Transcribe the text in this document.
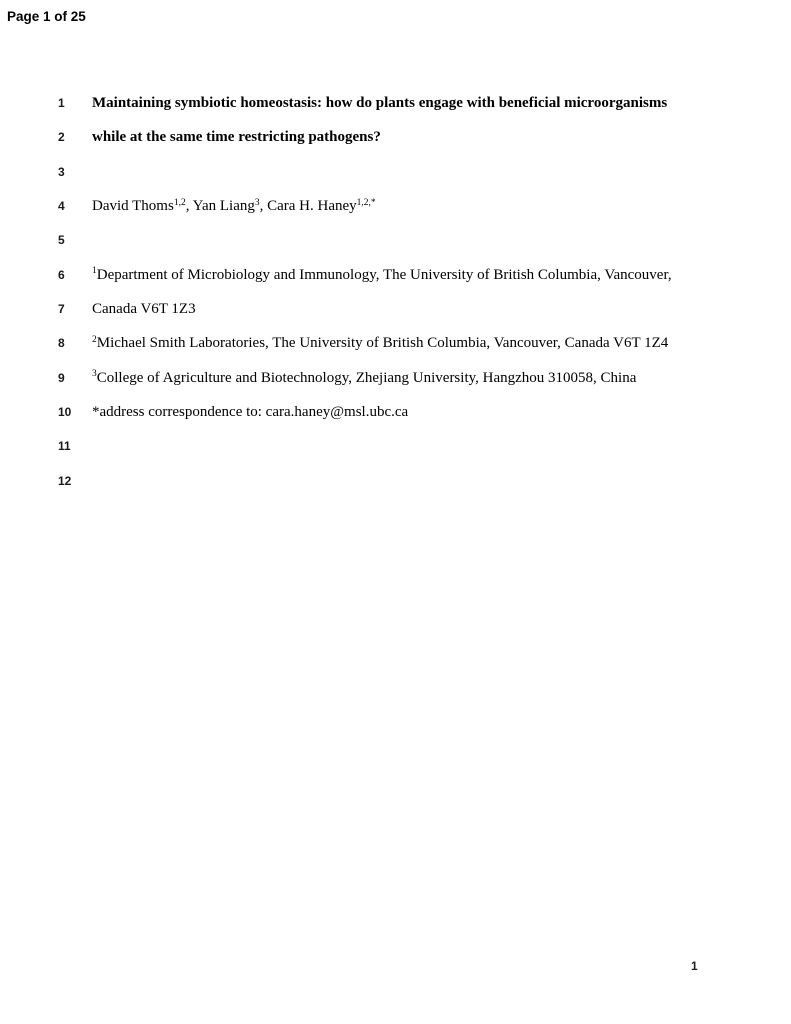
Page 1 of 25
1	Maintaining symbiotic homeostasis: how do plants engage with beneficial microorganisms

2	while at the same time restricting pathogens?

3
4	David Thoms$^{1,2}$, Yan Liang$^3$, Cara H. Haney$^{1,2,*}$

5
6	$^1$Department of Microbiology and Immunology, The University of British Columbia, Vancouver,

7	Canada V6T 1Z3

8	$^2$Michael Smith Laboratories, The University of British Columbia, Vancouver, Canada V6T 1Z4

9	$^3$College of Agriculture and Biotechnology, Zhejiang University, Hangzhou 310058, China

10	*address correspondence to: cara.haney@msl.ubc.ca

11
12
1
